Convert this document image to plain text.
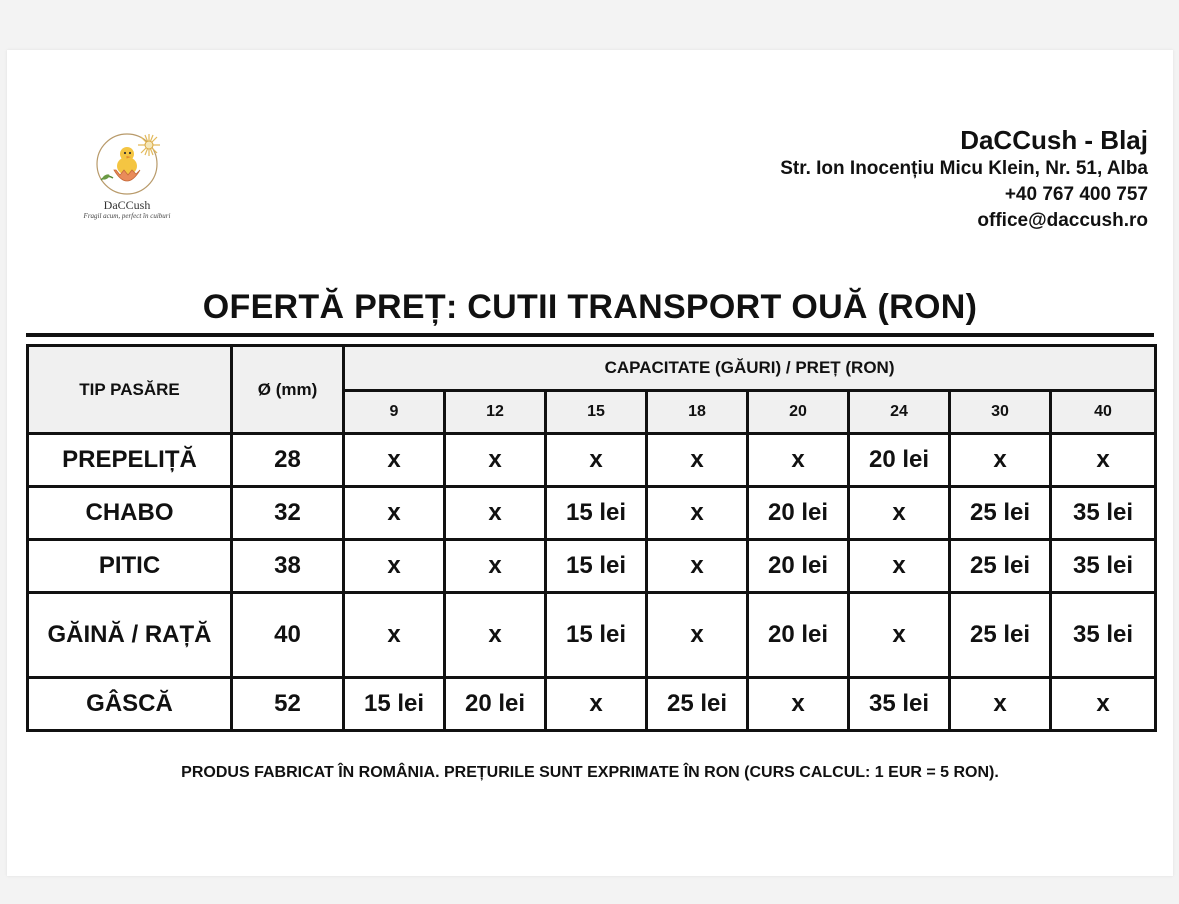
DaCCush
Fragil acum, perfect în cuiburi
DaCCush - Blaj
Str. Ion Inocențiu Micu Klein, Nr. 51, Alba
+40 767 400 757
office@daccush.ro
OFERTĂ PREȚ: CUTII TRANSPORT OUĂ (RON)
TIP PASĂRE	Ø (mm)	CAPACITATE (GĂURI) / PREȚ (RON)							
		9	12	15	18	20	24	30	40
PREPELIȚĂ	28	x	x	x	x	x	20 lei	x	x
CHABO	32	x	x	15 lei	x	20 lei	x	25 lei	35 lei
PITIC	38	x	x	15 lei	x	20 lei	x	25 lei	35 lei
GĂINĂ / RAȚĂ	40	x	x	15 lei	x	20 lei	x	25 lei	35 lei
GÂSCĂ	52	15 lei	20 lei	x	25 lei	x	35 lei	x	x
PRODUS FABRICAT ÎN ROMÂNIA. PREȚURILE SUNT EXPRIMATE ÎN RON (CURS CALCUL: 1 EUR = 5 RON).
